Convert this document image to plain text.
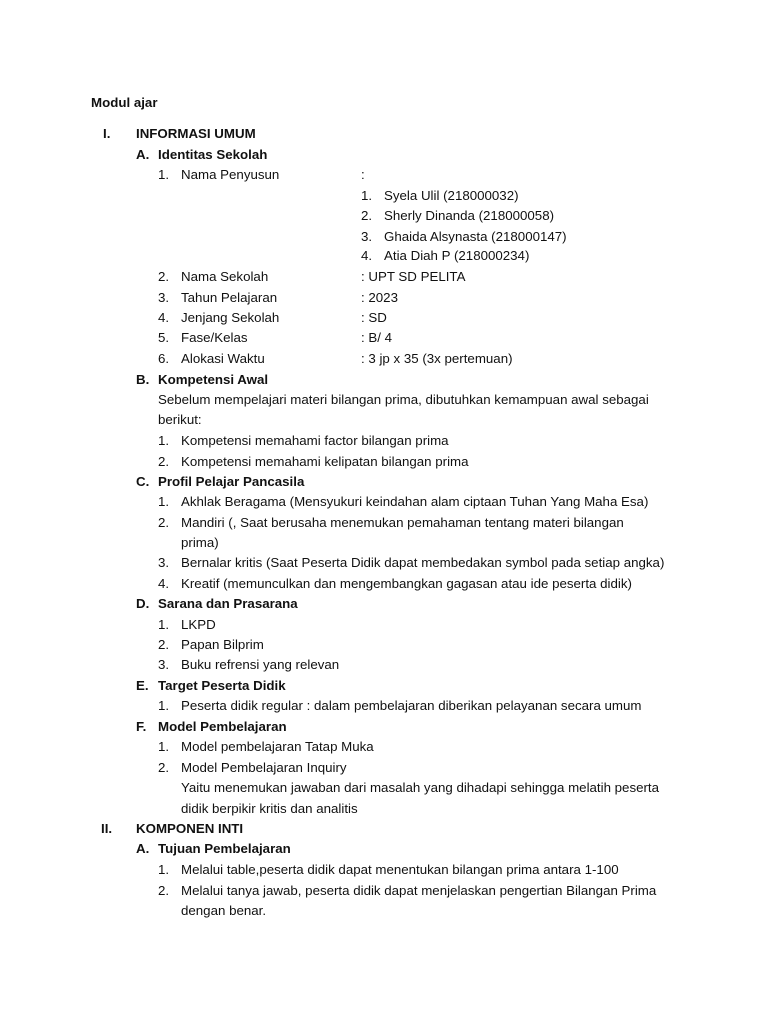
Modul ajar
I. INFORMASI UMUM
A. Identitas Sekolah
1. Nama Penyusun	:
1. Syela Ulil (218000032)
2. Sherly Dinanda (218000058)
3. Ghaida Alsynasta (218000147)
4. Atia Diah P (218000234)
2. Nama Sekolah	: UPT SD PELITA
3. Tahun Pelajaran	: 2023
4. Jenjang Sekolah	: SD
5. Fase/Kelas	: B/ 4
6. Alokasi Waktu	: 3 jp x 35 (3x pertemuan)
B. Kompetensi Awal
Sebelum mempelajari materi bilangan prima, dibutuhkan kemampuan awal sebagai
berikut:
1. Kompetensi memahami factor bilangan prima
2. Kompetensi memahami kelipatan bilangan prima
C. Profil Pelajar Pancasila
1. Akhlak Beragama (Mensyukuri keindahan alam ciptaan Tuhan Yang Maha Esa)
2. Mandiri (, Saat berusaha menemukan pemahaman tentang materi bilangan
prima)
3. Bernalar kritis (Saat Peserta Didik dapat membedakan symbol pada setiap angka)
4. Kreatif (memunculkan dan mengembangkan gagasan atau ide peserta didik)
D. Sarana dan Prasarana
1. LKPD
2. Papan Bilprim
3. Buku refrensi yang relevan
E. Target Peserta Didik
1. Peserta didik regular : dalam pembelajaran diberikan pelayanan secara umum
F. Model Pembelajaran
1. Model pembelajaran Tatap Muka
2. Model Pembelajaran Inquiry
Yaitu menemukan jawaban dari masalah yang dihadapi sehingga melatih peserta
didik berpikir kritis dan analitis
II. KOMPONEN INTI
A. Tujuan Pembelajaran
1. Melalui table,peserta didik dapat menentukan bilangan prima antara 1-100
2. Melalui tanya jawab, peserta didik dapat menjelaskan pengertian Bilangan Prima
dengan benar.
